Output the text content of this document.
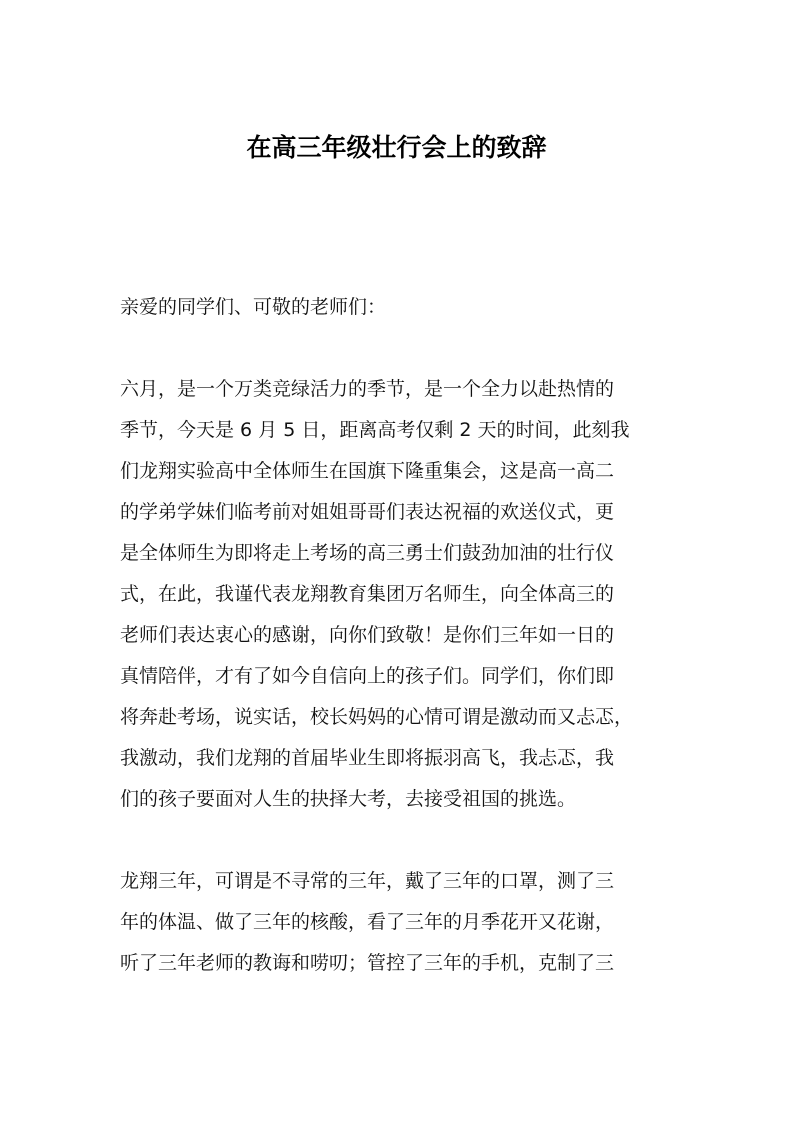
在高三年级壮行会上的致辞

亲爱的同学们、可敬的老师们：

六月，是一个万类竞绿活力的季节，是一个全力以赴热情的

季节，今天是 6 月 5 日，距离高考仅剩 2 天的时间，此刻我

们龙翔实验高中全体师生在国旗下隆重集会，这是高一高二

的学弟学妹们临考前对姐姐哥哥们表达祝福的欢送仪式，更

是全体师生为即将走上考场的高三勇士们鼓劲加油的壮行仪

式，在此，我谨代表龙翔教育集团万名师生，向全体高三的

老师们表达衷心的感谢，向你们致敬！是你们三年如一日的

真情陪伴，才有了如今自信向上的孩子们。同学们，你们即

将奔赴考场，说实话，校长妈妈的心情可谓是激动而又忐忑，

我激动，我们龙翔的首届毕业生即将振羽高飞，我忐忑，我

们的孩子要面对人生的抉择大考，去接受祖国的挑选。

龙翔三年，可谓是不寻常的三年，戴了三年的口罩，测了三

年的体温、做了三年的核酸，看了三年的月季花开又花谢，

听了三年老师的教诲和唠叨；管控了三年的手机，克制了三
